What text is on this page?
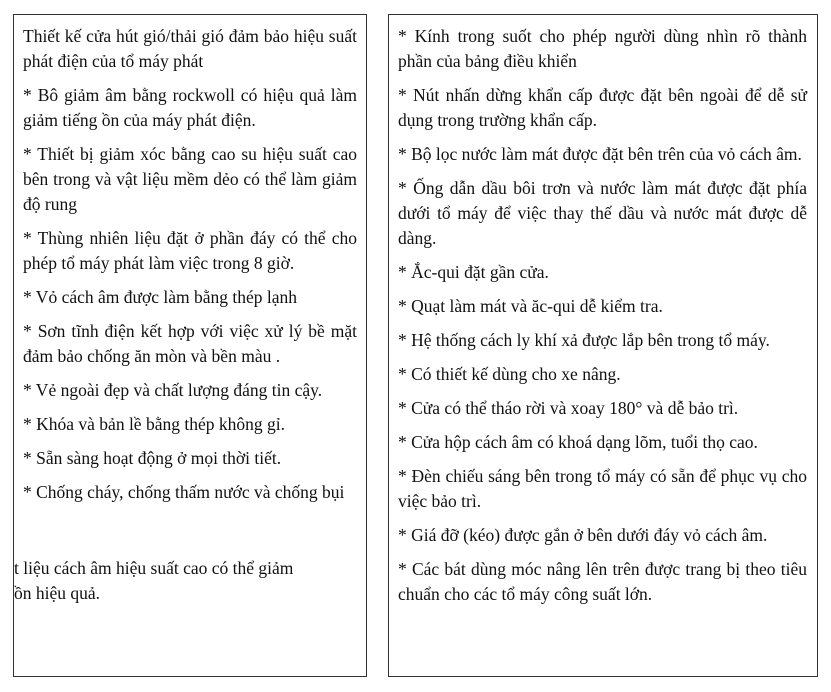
Thiết kế cửa hút gió/thải gió đảm bảo hiệu suất phát điện của tổ máy phát

* Bô giảm âm bằng rockwoll có hiệu quả làm giảm tiếng ồn của máy phát điện.

* Thiết bị giảm xóc bằng cao su hiệu suất cao bên trong và vật liệu mềm dẻo có thể làm giảm độ rung

* Thùng nhiên liệu đặt ở phần đáy có thể cho phép tổ máy phát làm việc trong 8 giờ.

* Vỏ cách âm được làm bằng thép lạnh

* Sơn tĩnh điện kết hợp với việc xử lý bề mặt đảm bảo chống ăn mòn và bền màu .

* Vẻ ngoài đẹp và chất lượng đáng tin cậy.

* Khóa và bản lề bằng thép không gỉ.

* Sẵn sàng hoạt động ở mọi thời tiết.

* Chống cháy, chống thấm nước và chống bụi

t liệu cách âm hiệu suất cao có thể giảm
ồn hiệu quả.

* Kính trong suốt cho phép người dùng nhìn rõ thành phần của bảng điều khiển

* Nút nhấn dừng khẩn cấp được đặt bên ngoài để dễ sử dụng trong trường khẩn cấp.

* Bộ lọc nước làm mát được đặt bên trên của vỏ cách âm.

* Ống dẫn dầu bôi trơn và nước làm mát được đặt phía dưới tổ máy để việc thay thế dầu và nước mát được dễ dàng.

* Ắc-qui đặt gần cửa.

* Quạt làm mát và ăc-qui dễ kiểm tra.

* Hệ thống cách ly khí xả được lắp bên trong tổ máy.

* Có thiết kế dùng cho xe nâng.

* Cửa có thể tháo rời và xoay 180° và dễ bảo trì.

* Cửa hộp cách âm có khoá dạng lõm, tuổi thọ cao.

* Đèn chiếu sáng bên trong tổ máy có sẵn để phục vụ cho việc bảo trì.

* Giá đỡ (kéo) được gắn ở bên dưới đáy vỏ cách âm.

* Các bát dùng móc nâng lên trên được trang bị theo tiêu chuẩn cho các tổ máy công suất lớn.
